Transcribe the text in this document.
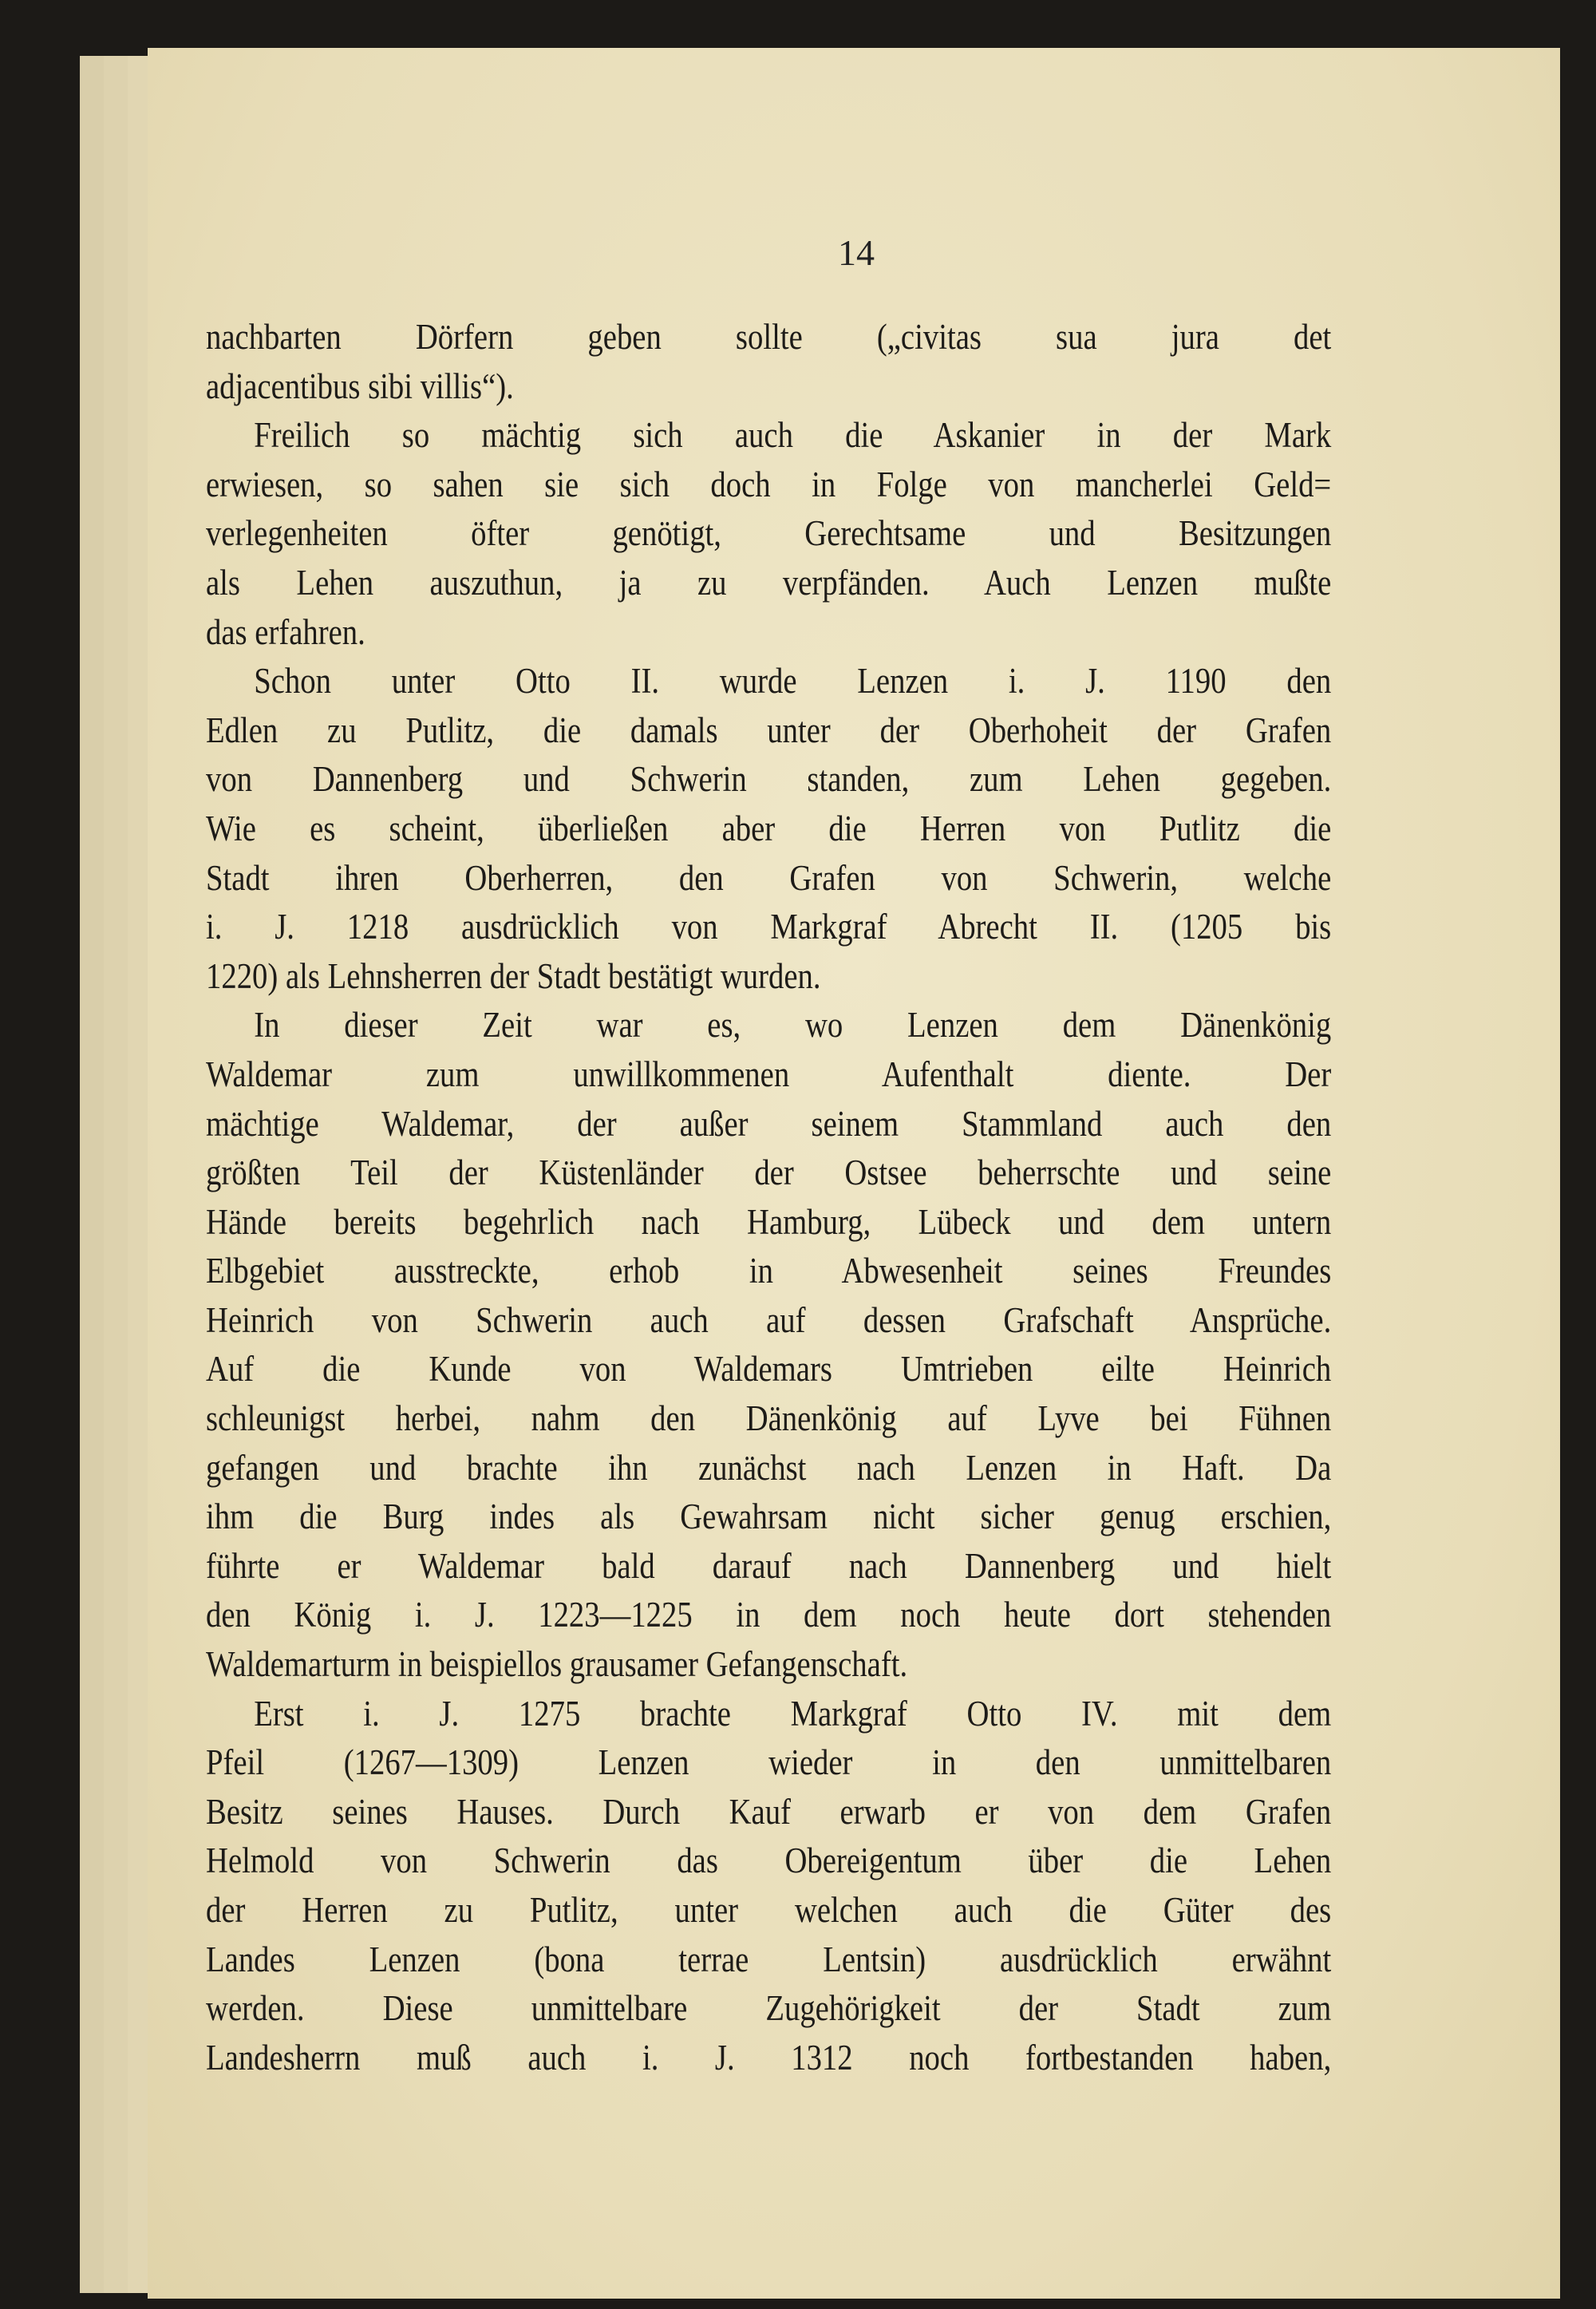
14
nachbarten Dörfern geben sollte („civitas sua jura det
adjacentibus sibi villis“).
Freilich so mächtig sich auch die Askanier in der Mark
erwiesen, so sahen sie sich doch in Folge von mancherlei Geld=
verlegenheiten öfter genötigt, Gerechtsame und Besitzungen
als Lehen auszuthun, ja zu verpfänden. Auch Lenzen mußte
das erfahren.
Schon unter Otto II. wurde Lenzen i. J. 1190 den
Edlen zu Putlitz, die damals unter der Oberhoheit der Grafen
von Dannenberg und Schwerin standen, zum Lehen gegeben.
Wie es scheint, überließen aber die Herren von Putlitz die
Stadt ihren Oberherren, den Grafen von Schwerin, welche
i. J. 1218 ausdrücklich von Markgraf Abrecht II. (1205 bis
1220) als Lehnsherren der Stadt bestätigt wurden.
In dieser Zeit war es, wo Lenzen dem Dänenkönig
Waldemar zum unwillkommenen Aufenthalt diente. Der
mächtige Waldemar, der außer seinem Stammland auch den
größten Teil der Küstenländer der Ostsee beherrschte und seine
Hände bereits begehrlich nach Hamburg, Lübeck und dem untern
Elbgebiet ausstreckte, erhob in Abwesenheit seines Freundes
Heinrich von Schwerin auch auf dessen Grafschaft Ansprüche.
Auf die Kunde von Waldemars Umtrieben eilte Heinrich
schleunigst herbei, nahm den Dänenkönig auf Lyve bei Fühnen
gefangen und brachte ihn zunächst nach Lenzen in Haft. Da
ihm die Burg indes als Gewahrsam nicht sicher genug erschien,
führte er Waldemar bald darauf nach Dannenberg und hielt
den König i. J. 1223—1225 in dem noch heute dort stehenden
Waldemarturm in beispiellos grausamer Gefangenschaft.
Erst i. J. 1275 brachte Markgraf Otto IV. mit dem
Pfeil (1267—1309) Lenzen wieder in den unmittelbaren
Besitz seines Hauses. Durch Kauf erwarb er von dem Grafen
Helmold von Schwerin das Obereigentum über die Lehen
der Herren zu Putlitz, unter welchen auch die Güter des
Landes Lenzen (bona terrae Lentsin) ausdrücklich erwähnt
werden. Diese unmittelbare Zugehörigkeit der Stadt zum
Landesherrn muß auch i. J. 1312 noch fortbestanden haben,
